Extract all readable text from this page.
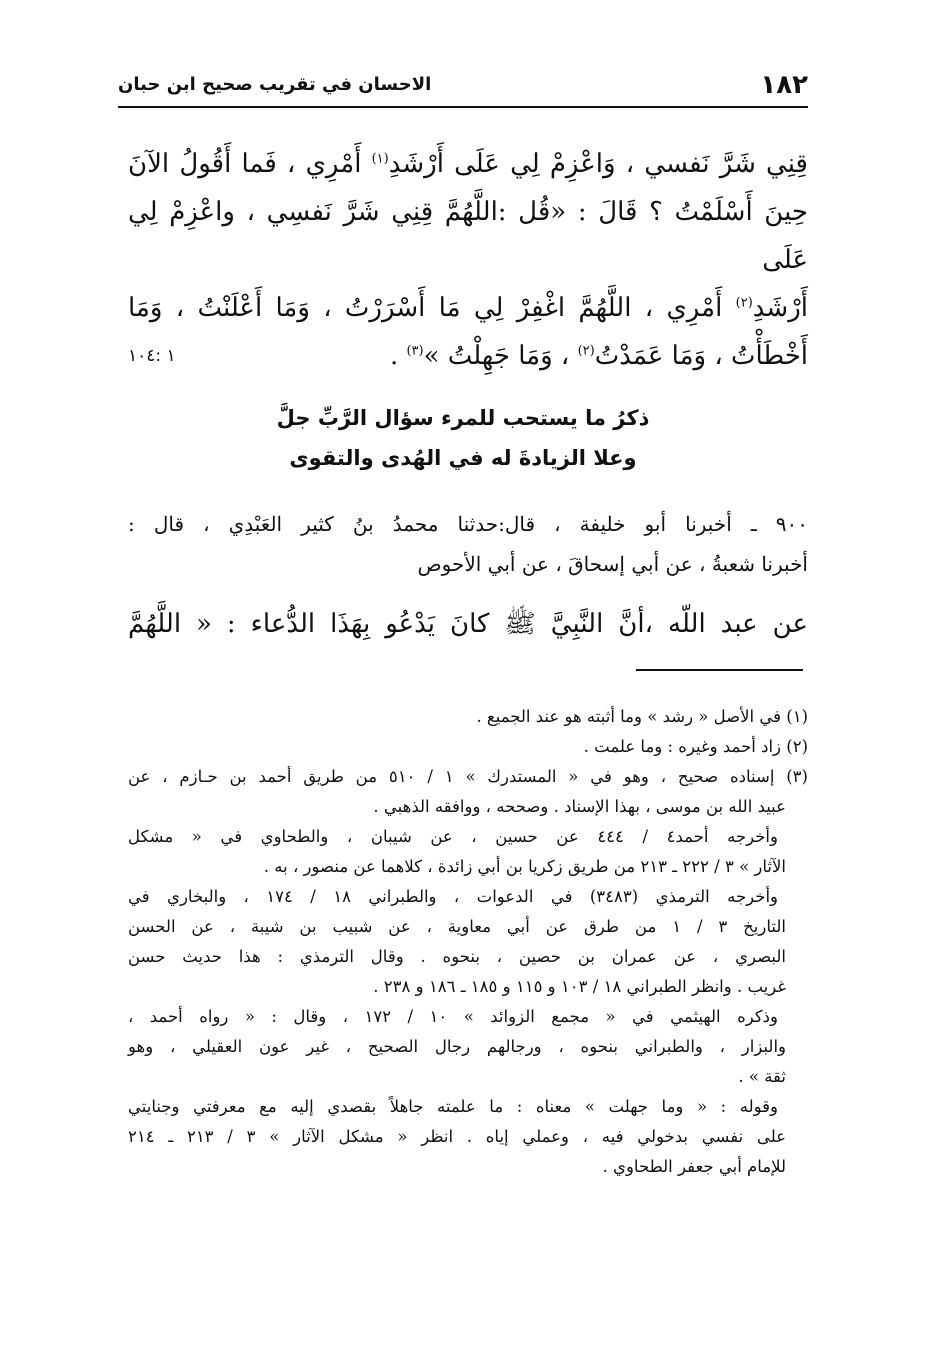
١٨٢
الاحسان في تقريب صحيح ابن حبان
قِنِي شَرَّ نَفسي ، وَاعْزِمْ لِي عَلَى أَرْشَدِ$^{(١)}$ أَمْرِي ، فَما أَقُولُ الآنَ
حِينَ أَسْلَمْتُ ؟ قَالَ : «قُل :اللَّهُمَّ قِنِي شَرَّ نَفسِي ، واعْزِمْ لِي عَلَى
أَرْشَدِ$^{(٢)}$ أَمْرِي ، اللَّهُمَّ اغْفِرْ لِي مَا أَسْرَرْتُ ، وَمَا أَعْلَنْتُ ، وَمَا
أَخْطَأْتُ ، وَمَا عَمَدْتُ$^{(٢)}$ ، وَمَا جَهِلْتُ »$^{(٣)}$ .
١ :١٠٤
ذكرُ ما يستحب للمرء سؤال الرَّبِّ جلَّ
وعلا الزيادةَ له في الهُدى والتقوى
٩٠٠ ـ أخبرنا أبو خليفة ، قال:حدثنا محمدُ بنُ كثير العَبْدِي ، قال :
أخبرنا شعبةُ ، عن أبي إسحاقَ ، عن أبي الأحوص
عن عبد اللّه ،أنَّ النَّبِيَّ ﷺ كانَ يَدْعُو بِهَذَا الدُّعاء : « اللَّهُمَّ
(١) في الأصل « رشد » وما أثبته هو عند الجميع .
(٢) زاد أحمد وغيره : وما علمت .
(٣) إسناده صحيح ، وهو في « المستدرك » ١ / ٥١٠ من طريق أحمد بن حـازم ، عن
عبيد الله بن موسى ، بهذا الإسناد . وصححه ، ووافقه الذهبي .
وأخرجه أحمد٤ / ٤٤٤ عن حسين ، عن شيبان ، والطحاوي في « مشكل
الآثار » ٣ / ٢٢٢ ـ ٢١٣ من طريق زكريا بن أبي زائدة ، كلاهما عن منصور ، به .
وأخرجه الترمذي (٣٤٨٣) في الدعوات ، والطبراني ١٨ / ١٧٤ ، والبخاري في
التاريخ ٣ / ١ من طرق عن أبي معاوية ، عن شبيب بن شيبة ، عن الحسن
البصري ، عن عمران بن حصين ، بنحوه . وقال الترمذي : هذا حديث حسن
غريب . وانظر الطبراني ١٨ / ١٠٣ و ١١٥ و ١٨٥ ـ ١٨٦ و ٢٣٨ .
وذكره الهيثمي في « مجمع الزوائد » ١٠ / ١٧٢ ، وقال : « رواه أحمد ،
والبزار ، والطبراني بنحوه ، ورجالهم رجال الصحيح ، غير عون العقيلي ، وهو
ثقة » .
وقوله : « وما جهلت » معناه : ما علمته جاهلاً بقصدي إليه مع معرفتي وجنايتي
على نفسي بدخولي فيه ، وعملي إياه . انظر « مشكل الآثار » ٣ / ٢١٣ ـ ٢١٤
للإمام أبي جعفر الطحاوي .
